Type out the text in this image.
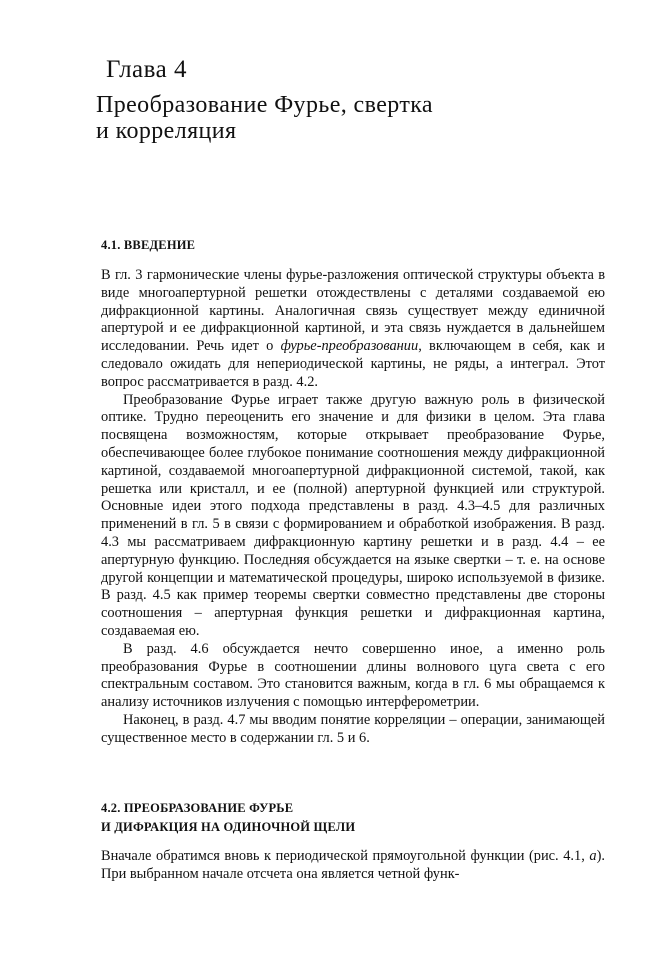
Глава 4
Преобразование Фурье, свертка
и корреляция
4.1. ВВЕДЕНИЕ

В гл. 3 гармонические члены фурье-разложения оптической структуры объекта в виде многоапертурной решетки отождествлены с деталями создаваемой ею дифракционной картины. Аналогичная связь существует между единичной апертурой и ее дифракционной картиной, и эта связь нуждается в дальнейшем исследовании. Речь идет о фурье-преобразовании, включающем в себя, как и следовало ожидать для непериодической картины, не ряды, а интеграл. Этот вопрос рассматривается в разд. 4.2.

Преобразование Фурье играет также другую важную роль в физической оптике. Трудно переоценить его значение и для физики в целом. Эта глава посвящена возможностям, которые открывает преобразование Фурье, обеспечивающее более глубокое понимание соотношения между дифракционной картиной, создаваемой многоапертурной дифракционной системой, такой, как решетка или кристалл, и ее (полной) апертурной функцией или структурой. Основные идеи этого подхода представлены в разд. 4.3–4.5 для различных применений в гл. 5 в связи с формированием и обработкой изображения. В разд. 4.3 мы рассматриваем дифракционную картину решетки и в разд. 4.4 – ее апертурную функцию. Последняя обсуждается на языке свертки – т. е. на основе другой концепции и математической процедуры, широко используемой в физике. В разд. 4.5 как пример теоремы свертки совместно представлены две стороны соотношения – апертурная функция решетки и дифракционная картина, создаваемая ею.

В разд. 4.6 обсуждается нечто совершенно иное, а именно роль преобразования Фурье в соотношении длины волнового цуга света с его спектральным составом. Это становится важным, когда в гл. 6 мы обращаемся к анализу источников излучения с помощью интерферометрии.

Наконец, в разд. 4.7 мы вводим понятие корреляции – операции, занимающей существенное место в содержании гл. 5 и 6.

4.2. ПРЕОБРАЗОВАНИЕ ФУРЬЕ
И ДИФРАКЦИЯ НА ОДИНОЧНОЙ ЩЕЛИ

Вначале обратимся вновь к периодической прямоугольной функции (рис. 4.1, а). При выбранном начале отсчета она является четной функ-
